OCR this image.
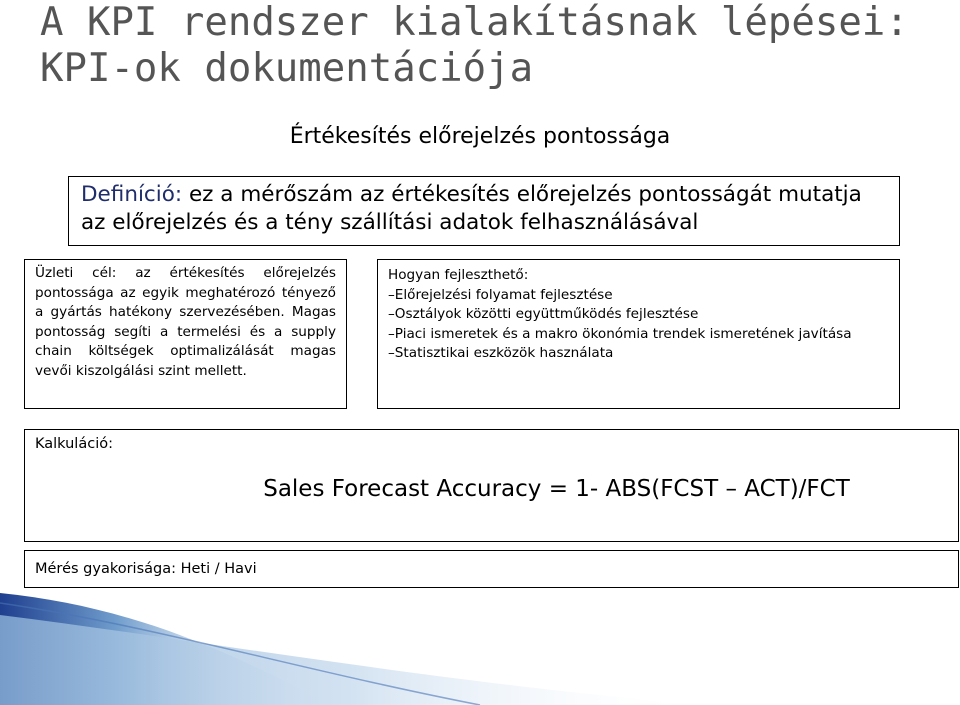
A KPI rendszer kialakításnak lépései:
KPI-ok dokumentációja
Értékesítés előrejelzés pontossága
Definíció: ez a mérőszám az értékesítés előrejelzés pontosságát mutatja az előrejelzés és a tény szállítási adatok felhasználásával
Üzleti cél: az értékesítés előrejelzés pontossága az egyik meghatérozó tényező a gyártás hatékony szervezésében. Magas pontosság segíti a termelési és a supply chain költségek optimalizálását magas vevői kiszolgálási szint mellett.
Hogyan fejleszthető:
–Előrejelzési folyamat fejlesztése
–Osztályok közötti együttműködés fejlesztése
–Piaci ismeretek és a makro ökonómia trendek ismeretének javítása
–Statisztikai eszközök használata
Kalkuláció:
Sales Forecast Accuracy = 1- ABS(FCST – ACT)/FCT
Mérés gyakorisága: Heti / Havi
